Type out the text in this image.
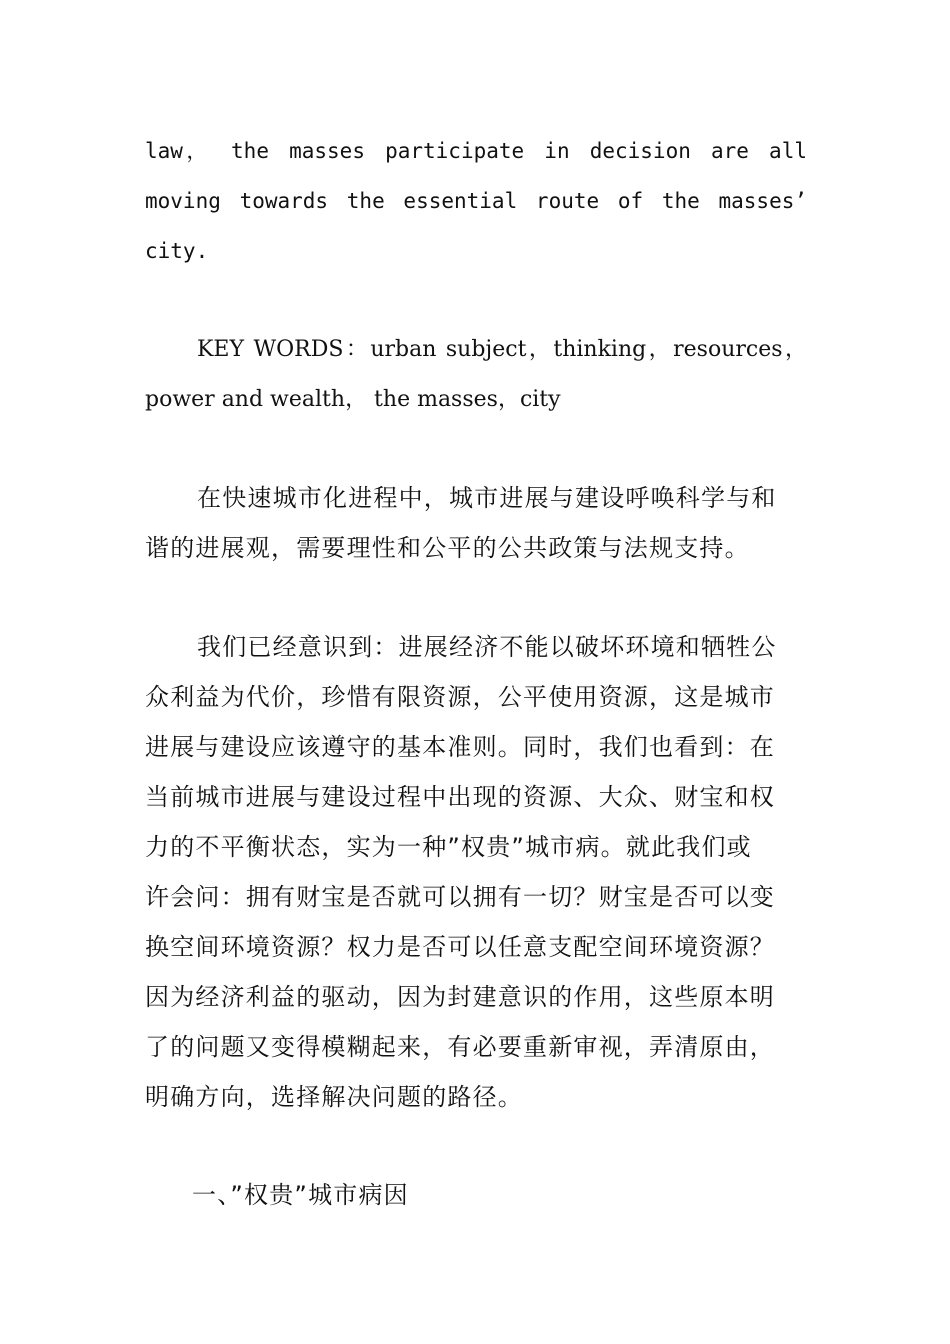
law， the masses participate in decision are all
moving towards the essential route of the masses’
city.
KEY WORDS：urban subject，thinking，resources，
power and wealth， the masses，city
在快速城市化进程中，城市进展与建设呼唤科学与和
谐的进展观，需要理性和公平的公共政策与法规支持。
我们已经意识到：进展经济不能以破坏环境和牺牲公
众利益为代价，珍惜有限资源，公平使用资源，这是城市
进展与建设应该遵守的基本准则。同时，我们也看到：在
当前城市进展与建设过程中出现的资源、大众、财宝和权
力的不平衡状态，实为一种”权贵”城市病。就此我们或
许会问：拥有财宝是否就可以拥有一切？财宝是否可以变
换空间环境资源？权力是否可以任意支配空间环境资源？
因为经济利益的驱动，因为封建意识的作用，这些原本明
了的问题又变得模糊起来，有必要重新审视，弄清原由，
明确方向，选择解决问题的路径。
一、”权贵”城市病因
